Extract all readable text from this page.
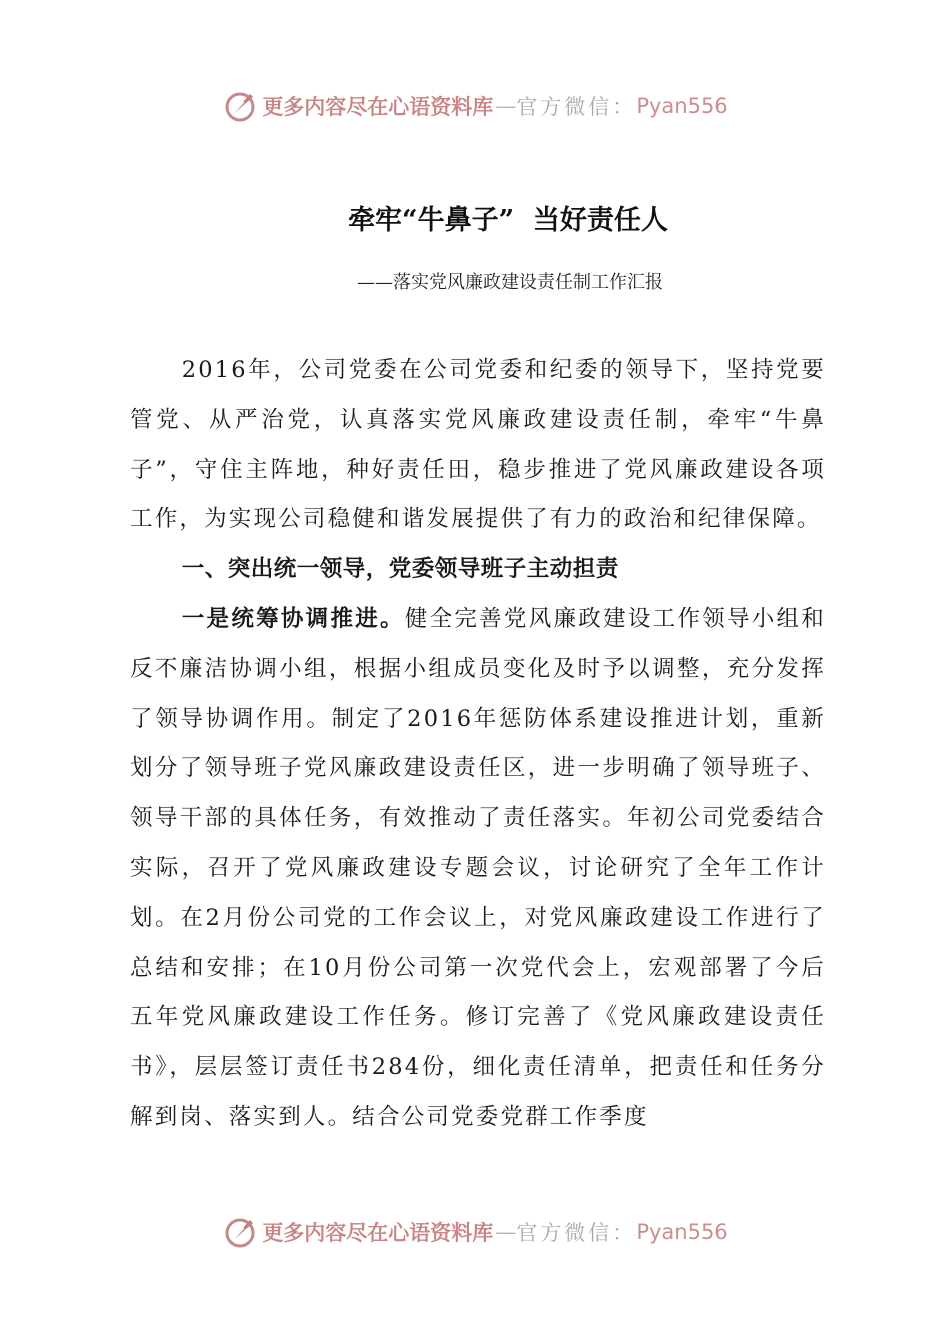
更多内容尽在心语资料库 — 官方微信： Pyan556
牵牢“牛鼻子”  当好责任人
——落实党风廉政建设责任制工作汇报

2016年，公司党委在公司党委和纪委的领导下，坚持党要管党、从严治党，认真落实党风廉政建设责任制，牵牢“牛鼻子”，守住主阵地，种好责任田，稳步推进了党风廉政建设各项工作，为实现公司稳健和谐发展提供了有力的政治和纪律保障。

一、突出统一领导，党委领导班子主动担责

一是统筹协调推进。健全完善党风廉政建设工作领导小组和反不廉洁协调小组，根据小组成员变化及时予以调整，充分发挥了领导协调作用。制定了2016年惩防体系建设推进计划，重新划分了领导班子党风廉政建设责任区，进一步明确了领导班子、领导干部的具体任务，有效推动了责任落实。年初公司党委结合实际，召开了党风廉政建设专题会议，讨论研究了全年工作计划。在2月份公司党的工作会议上，对党风廉政建设工作进行了总结和安排；在10月份公司第一次党代会上，宏观部署了今后五年党风廉政建设工作任务。修订完善了《党风廉政建设责任书》，层层签订责任书284份，细化责任清单，把责任和任务分解到岗、落实到人。结合公司党委党群工作季度

更多内容尽在心语资料库 — 官方微信： Pyan556
